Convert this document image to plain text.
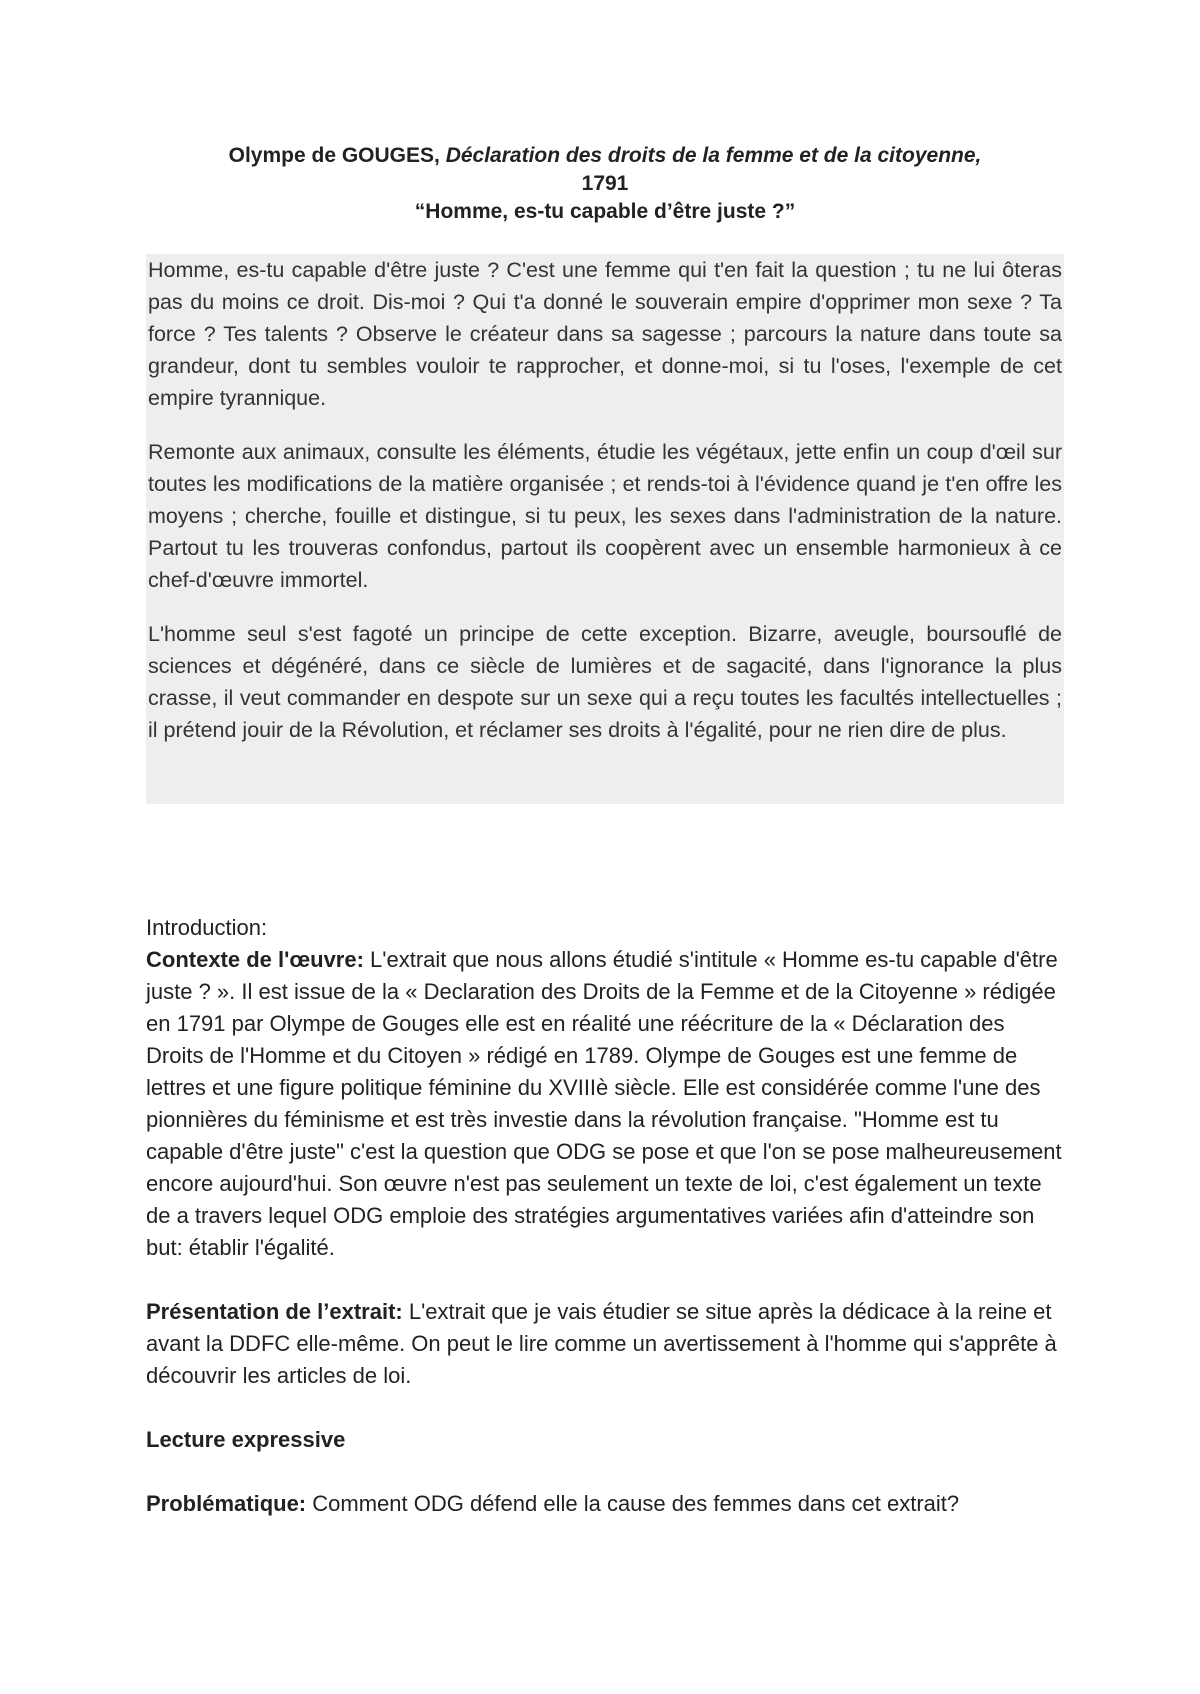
Olympe de GOUGES, Déclaration des droits de la femme et de la citoyenne,
1791
“Homme, es-tu capable d’être juste ?”

Homme, es-tu capable d'être juste ? C'est une femme qui t'en fait la question ; tu ne lui ôteras pas du moins ce droit. Dis-moi ? Qui t'a donné le souverain empire d'opprimer mon sexe ? Ta force ? Tes talents ? Observe le créateur dans sa sagesse ; parcours la nature dans toute sa grandeur, dont tu sembles vouloir te rapprocher, et donne-moi, si tu l'oses, l'exemple de cet empire tyrannique.

Remonte aux animaux, consulte les éléments, étudie les végétaux, jette enfin un coup d'œil sur toutes les modifications de la matière organisée ; et rends-toi à l'évidence quand je t'en offre les moyens ; cherche, fouille et distingue, si tu peux, les sexes dans l'administration de la nature. Partout tu les trouveras confondus, partout ils coopèrent avec un ensemble harmonieux à ce chef-d'œuvre immortel.

L'homme seul s'est fagoté un principe de cette exception. Bizarre, aveugle, boursouflé de sciences et dégénéré, dans ce siècle de lumières et de sagacité, dans l'ignorance la plus crasse, il veut commander en despote sur un sexe qui a reçu toutes les facultés intellectuelles ; il prétend jouir de la Révolution, et réclamer ses droits à l'égalité, pour ne rien dire de plus.

Introduction:

Contexte de l'œuvre: L'extrait que nous allons étudié s'intitule « Homme es-tu capable d'être juste ? ». Il est issue de la « Declaration des Droits de la Femme et de la Citoyenne » rédigée en 1791 par Olympe de Gouges elle est en réalité une réécriture de la « Déclaration des Droits de l'Homme et du Citoyen » rédigé en 1789. Olympe de Gouges est une femme de lettres et une figure politique féminine du XVIIIè siècle. Elle est considérée comme l'une des pionnières du féminisme et est très investie dans la révolution française. "Homme est tu capable d'être juste" c'est la question que ODG se pose et que l'on se pose malheureusement encore aujourd'hui. Son œuvre n'est pas seulement un texte de loi, c'est également un texte de a travers lequel ODG emploie des stratégies argumentatives variées afin d'atteindre son but: établir l'égalité.

Présentation de l’extrait: L'extrait que je vais étudier se situe après la dédicace à la reine et avant la DDFC elle-même. On peut le lire comme un avertissement à l'homme qui s'apprête à découvrir les articles de loi.

Lecture expressive

Problématique: Comment ODG défend elle la cause des femmes dans cet extrait?
